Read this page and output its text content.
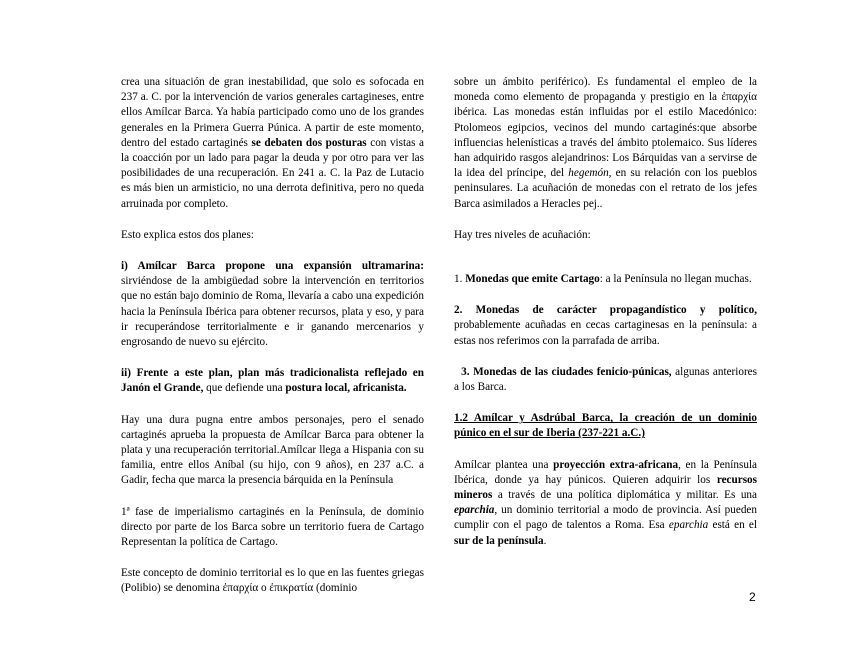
crea una situación de gran inestabilidad, que solo es sofocada en 237 a. C. por la intervención de varios generales cartagineses, entre ellos Amílcar Barca. Ya había participado como uno de los grandes generales en la Primera Guerra Púnica. A partir de este momento, dentro del estado cartaginés se debaten dos posturas con vistas a la coacción por un lado para pagar la deuda y por otro para ver las posibilidades de una recuperación. En 241 a. C. la Paz de Lutacio es más bien un armisticio, no una derrota definitiva, pero no queda arruinada por completo.

Esto explica estos dos planes:

i) Amílcar Barca propone una expansión ultramarina: sirviéndose de la ambigüedad sobre la intervención en territorios que no están bajo dominio de Roma, llevaría a cabo una expedición hacia la Península Ibérica para obtener recursos, plata y eso, y para ir recuperándose territorialmente e ir ganando mercenarios y engrosando de nuevo su ejército.

ii) Frente a este plan, plan más tradicionalista reflejado en Janón el Grande, que defiende una postura local, africanista.

Hay una dura pugna entre ambos personajes, pero el senado cartaginés aprueba la propuesta de Amílcar Barca para obtener la plata y una recuperación territorial.Amílcar llega a Hispania con su familia, entre ellos Aníbal (su hijo, con 9 años), en 237 a.C. a Gadir, fecha que marca la presencia bárquida en la Península

1ª fase de imperialismo cartaginés en la Península, de dominio directo por parte de los Barca sobre un territorio fuera de Cartago Representan la política de Cartago.

Este concepto de dominio territorial es lo que en las fuentes griegas (Polibio) se denomina ἐπαρχία o ἐπικρατία (dominio

sobre un ámbito periférico). Es fundamental el empleo de la moneda como elemento de propaganda y prestigio en la ἐπαρχία ibérica. Las monedas están influidas por el estilo Macedónico: Ptolomeos egipcios, vecinos del mundo cartaginés:que absorbe influencias helenísticas a través del ámbito ptolemaico. Sus líderes han adquirido rasgos alejandrinos: Los Bárquidas van a servirse de la idea del príncipe, del hegemón, en su relación con los pueblos peninsulares. La acuñación de monedas con el retrato de los jefes Barca asimilados a Heracles pej..

Hay tres niveles de acuñación:

1. Monedas que emite Cartago: a la Península no llegan muchas.

2. Monedas de carácter propagandístico y político, probablemente acuñadas en cecas cartaginesas en la península: a estas nos referimos con la parrafada de arriba.

3. Monedas de las ciudades fenicio-púnicas, algunas anteriores a los Barca.

1.2 Amílcar y Asdrúbal Barca, la creación de un dominio púnico en el sur de Iberia (237-221 a.C.)

Amílcar plantea una proyección extra-africana, en la Península Ibérica, donde ya hay púnicos. Quieren adquirir los recursos mineros a través de una política diplomática y militar. Es una eparchia, un dominio territorial a modo de provincia. Así pueden cumplir con el pago de talentos a Roma. Esa eparchia está en el sur de la península.

2
